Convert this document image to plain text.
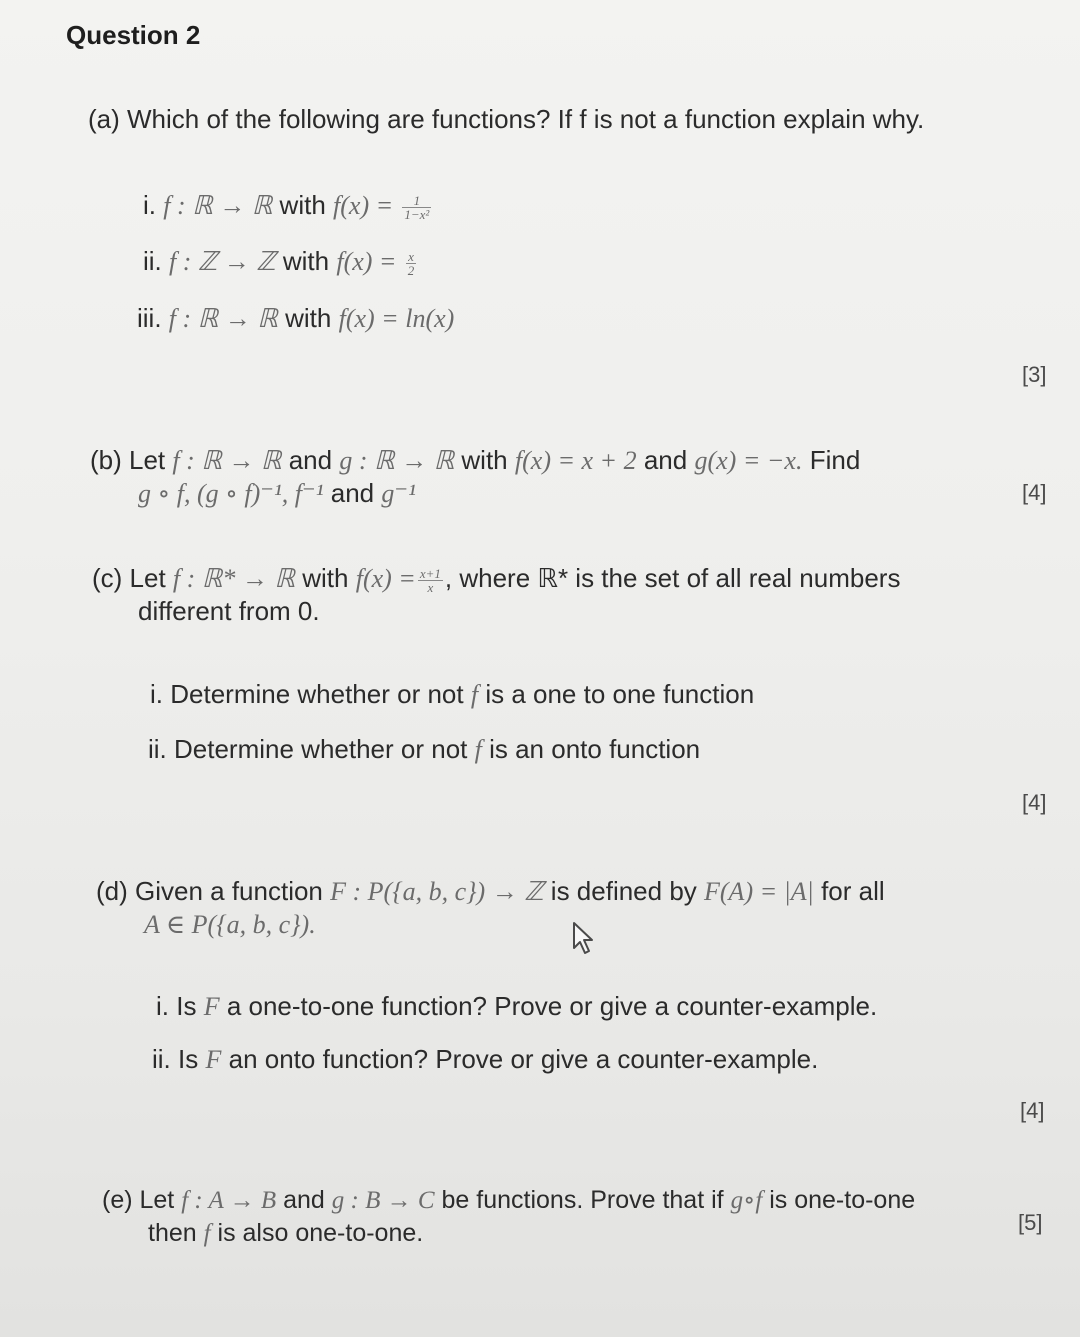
Question 2
(a) Which of the following are functions? If f is not a function explain why.
i. f : ℝ → ℝ with $f(x) = \frac{1}{\text{1−x²}}$
ii. f : ℤ → ℤ with $f(x) = \frac{x}{2}$
iii. f : ℝ → ℝ with f(x) = ln(x)
[3]
(b) Let f : ℝ → ℝ and g : ℝ → ℝ with f(x) = x + 2 and g(x) = −x. Find
g ∘ f, (g ∘ f)⁻¹, f⁻¹ and g⁻¹	[4]
(c) Let f : ℝ* → ℝ with $f(x) = \frac{x+1}{x}$ , where ℝ* is the set of all real numbers
different from 0.
i. Determine whether or not f is a one to one function
ii. Determine whether or not f is an onto function
[4]
(d) Given a function F : P({a, b, c}) → ℤ is defined by F(A) = |A| for all
A ∈ P({a, b, c}).
i. Is F a one-to-one function? Prove or give a counter-example.
ii. Is F an onto function? Prove or give a counter-example.
[4]
(e) Let f : A → B and g : B → C be functions. Prove that if g∘f is one-to-one
then f is also one-to-one.	[5]
